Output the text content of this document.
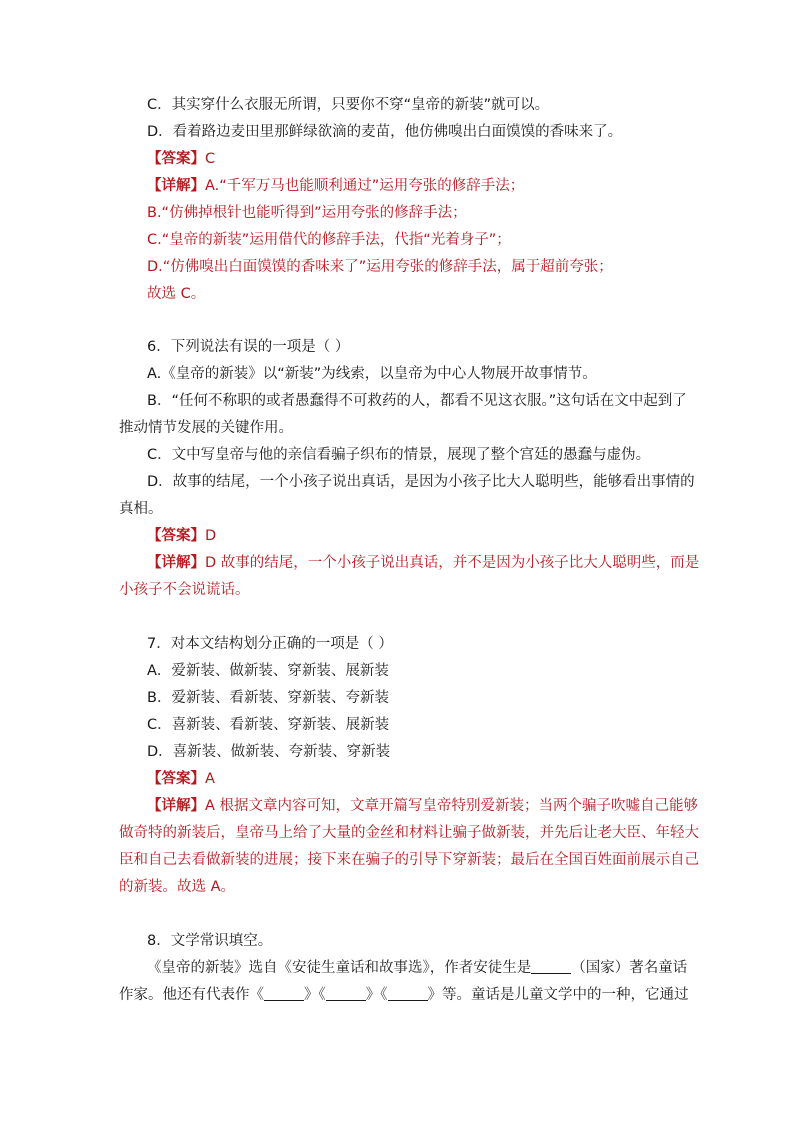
C．其实穿什么衣服无所谓，只要你不穿“皇帝的新装”就可以。
D．看着路边麦田里那鲜绿欲滴的麦苗，他仿佛嗅出白面馍馍的香味来了。
【答案】C
【详解】A.“千军万马也能顺利通过”运用夸张的修辞手法；
B.“仿佛掉根针也能听得到”运用夸张的修辞手法；
C.“皇帝的新装”运用借代的修辞手法，代指“光着身子”；
D.“仿佛嗅出白面馍馍的香味来了”运用夸张的修辞手法，属于超前夸张；
故选 C。
6．下列说法有误的一项是（ ）
A.《皇帝的新装》以“新装”为线索，以皇帝为中心人物展开故事情节。
B．“任何不称职的或者愚蠢得不可救药的人，都看不见这衣服。”这句话在文中起到了
推动情节发展的关键作用。
C．文中写皇帝与他的亲信看骗子织布的情景，展现了整个宫廷的愚蠢与虚伪。
D．故事的结尾，一个小孩子说出真话，是因为小孩子比大人聪明些，能够看出事情的
真相。
【答案】D
【详解】D 故事的结尾，一个小孩子说出真话，并不是因为小孩子比大人聪明些，而是
小孩子不会说谎话。
7．对本文结构划分正确的一项是（ ）
A．爱新装、做新装、穿新装、展新装
B．爱新装、看新装、穿新装、夸新装
C．喜新装、看新装、穿新装、展新装
D．喜新装、做新装、夸新装、穿新装
【答案】A
【详解】A 根据文章内容可知，文章开篇写皇帝特别爱新装；当两个骗子吹嘘自己能够
做奇特的新装后，皇帝马上给了大量的金丝和材料让骗子做新装，并先后让老大臣、年轻大
臣和自己去看做新装的进展；接下来在骗子的引导下穿新装；最后在全国百姓面前展示自己
的新装。故选 A。
8．文学常识填空。
《皇帝的新装》选自《安徒生童话和故事选》，作者安徒生是	（国家）著名童话
作家。他还有代表作《	》《	》《	》等。童话是儿童文学中的一种，它通过
